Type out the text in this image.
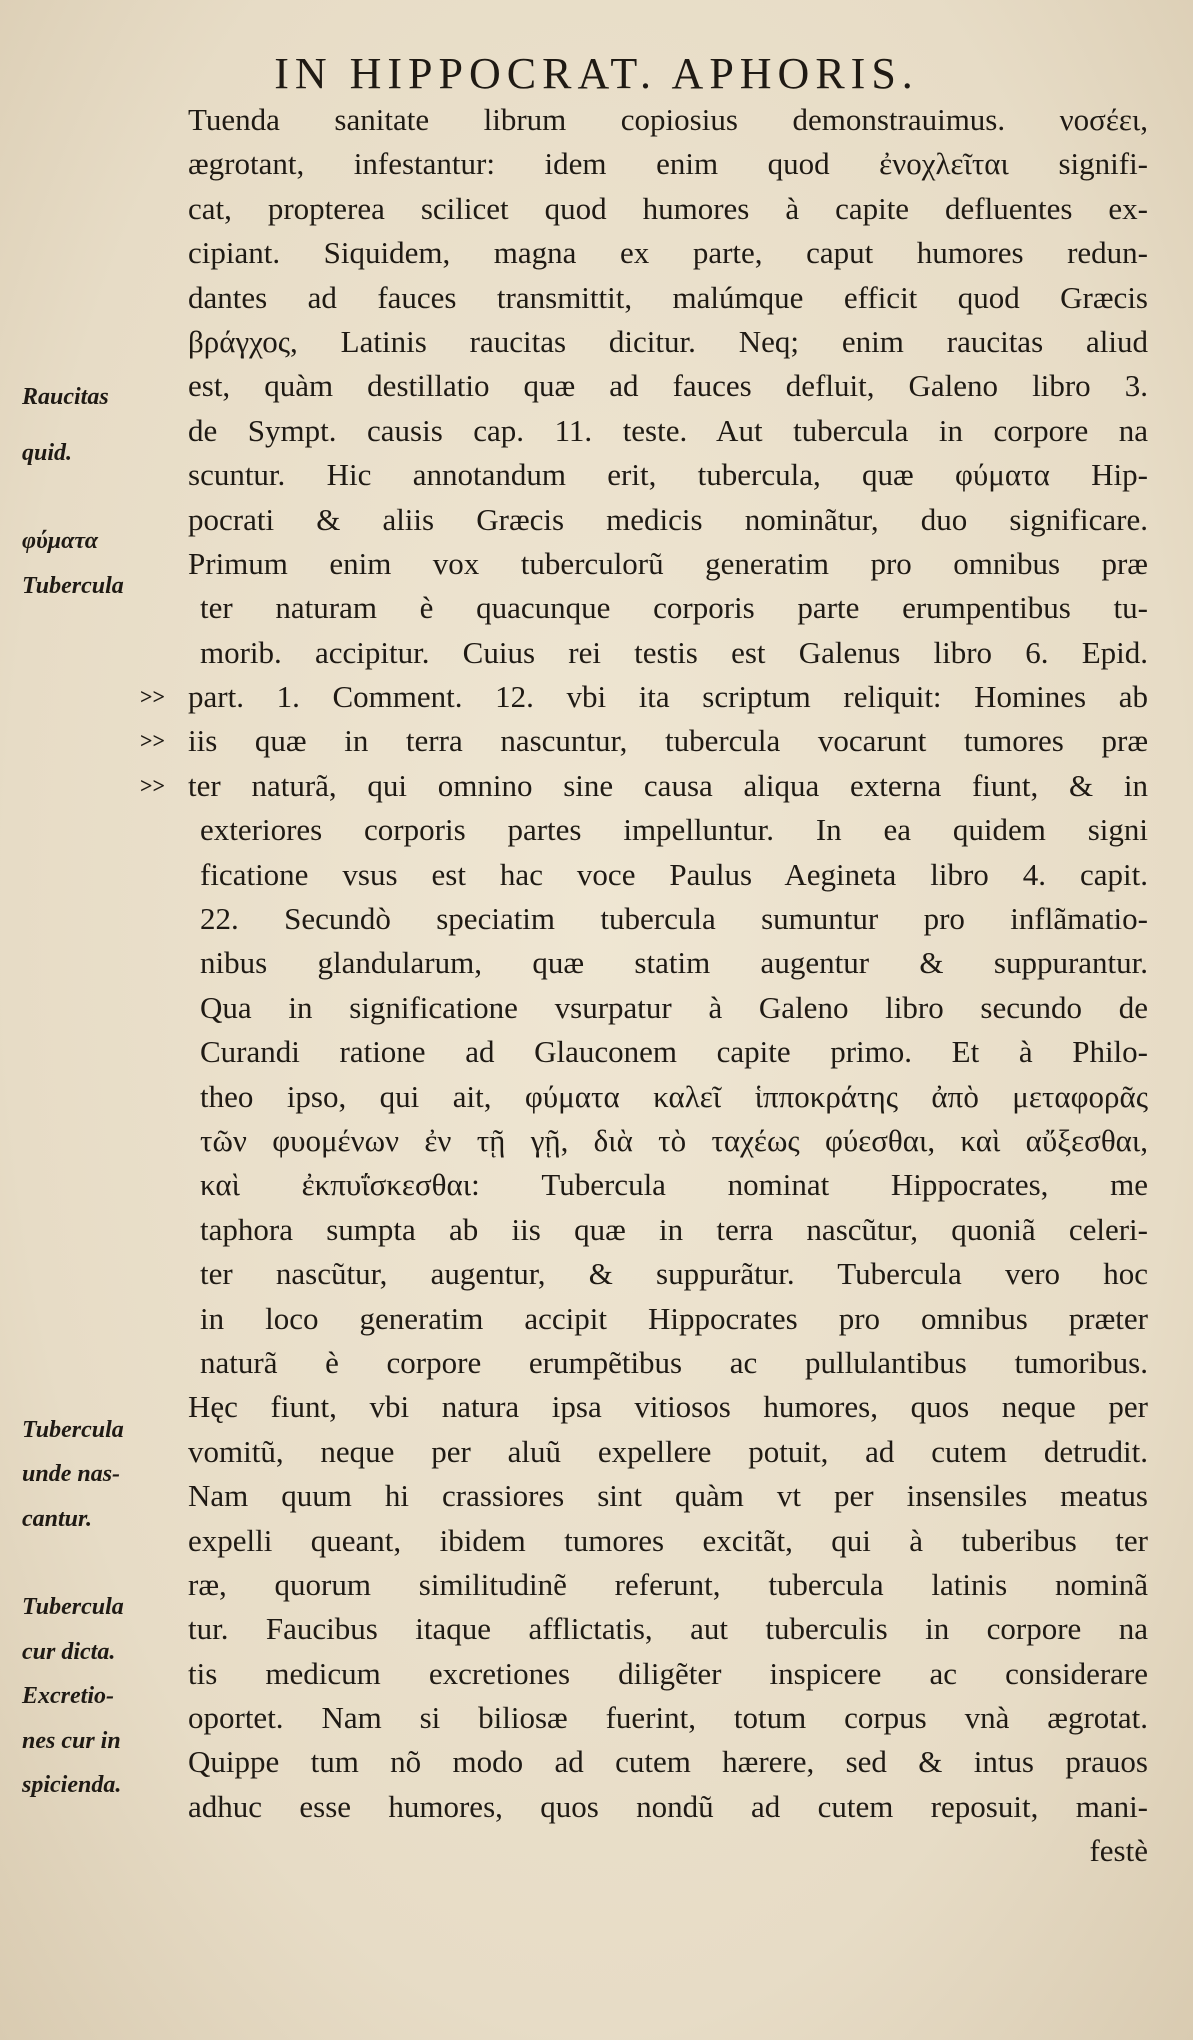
IN HIPPOCRAT. APHORIS.
Tuenda sanitate librum copiosius demonstrauimus. νοσέει,
ægrotant, infestantur: idem enim quod ἐνοχλεῖται signifi-
cat, propterea scilicet quod humores à capite defluentes ex-
cipiant. Siquidem, magna ex parte, caput humores redun-
dantes ad fauces transmittit, malúmque efficit quod Græcis
βράγχος, Latinis raucitas dicitur. Neq; enim raucitas aliud
est, quàm destillatio quæ ad fauces defluit, Galeno libro 3.
de Sympt. causis cap. 11. teste. Aut tubercula in corpore na
scuntur. Hic annotandum erit, tubercula, quæ φύματα Hip-
pocrati & aliis Græcis medicis nominãtur, duo significare.
Primum enim vox tuberculorũ generatim pro omnibus præ
ter naturam è quacunque corporis parte erumpentibus tu-
morib. accipitur. Cuius rei testis est Galenus libro 6. Epid.
part. 1. Comment. 12. vbi ita scriptum reliquit: Homines ab
iis quæ in terra nascuntur, tubercula vocarunt tumores præ
ter naturã, qui omnino sine causa aliqua externa fiunt, & in
exteriores corporis partes impelluntur. In ea quidem signi
ficatione vsus est hac voce Paulus Aegineta libro 4. capit.
22. Secundò speciatim tubercula sumuntur pro inflãmatio-
nibus glandularum, quæ statim augentur & suppurantur.
Qua in significatione vsurpatur à Galeno libro secundo de
Curandi ratione ad Glauconem capite primo. Et à Philo-
theo ipso, qui ait, φύματα καλεῖ ἱπποκράτης ἀπὸ μεταφορᾶς
τῶν φυομένων ἐν τῇ γῇ, διὰ τὸ ταχέως φύεσθαι, καὶ αὔξεσθαι,
καὶ ἐκπυΐσκεσθαι: Tubercula nominat Hippocrates, me
taphora sumpta ab iis quæ in terra nascũtur, quoniã celeri-
ter nascũtur, augentur, & suppurãtur. Tubercula vero hoc
in loco generatim accipit Hippocrates pro omnibus præter
naturã è corpore erumpẽtibus ac pullulantibus tumoribus.
Hęc fiunt, vbi natura ipsa vitiosos humores, quos neque per
vomitũ, neque per aluũ expellere potuit, ad cutem detrudit.
Nam quum hi crassiores sint quàm vt per insensiles meatus
expelli queant, ibidem tumores excitãt, qui à tuberibus ter
ræ, quorum similitudinẽ referunt, tubercula latinis nominã
tur. Faucibus itaque afflictatis, aut tuberculis in corpore na
tis medicum excretiones diligẽter inspicere ac considerare
oportet. Nam si biliosæ fuerint, totum corpus vnà ægrotat.
Quippe tum nõ modo ad cutem hærere, sed & intus prauos
adhuc esse humores, quos nondũ ad cutem reposuit, mani-
festè
Raucitas
quid.
φύματα
Tubercula
Tubercula
unde nas-
cantur.
Tubercula
cur dicta.
Excretio-
nes cur in
spicienda.
>>
>>
>>
